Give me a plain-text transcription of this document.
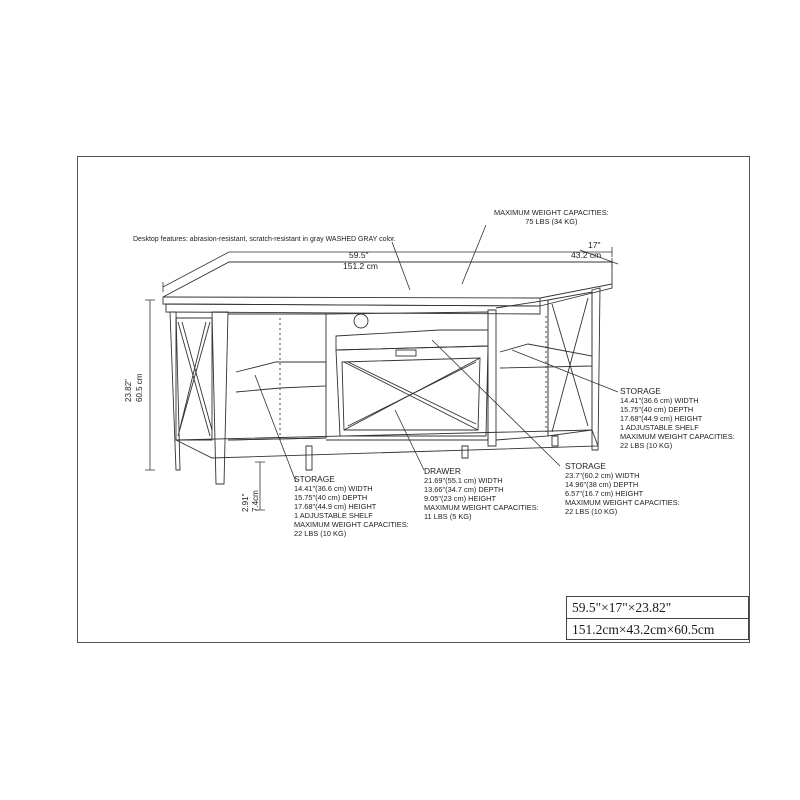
Desktop features: abrasion-resistant, scratch-resistant in gray WASHED GRAY color.
MAXIMUM WEIGHT CAPACITIES:
75 LBS (34 KG)
59.5"
151.2 cm
17"
43.2 cm
23.82" 60.5 cm
2.91" 7.4cm
STORAGE
14.41"(36.6 cm) WIDTH
15.75"(40 cm) DEPTH
17.68"(44.9 cm) HEIGHT
1 ADJUSTABLE SHELF
MAXIMUM WEIGHT CAPACITIES:
22 LBS (10 KG)
DRAWER
21.69"(55.1 cm) WIDTH
13.66"(34.7 cm) DEPTH
9.05"(23 cm) HEIGHT
MAXIMUM WEIGHT CAPACITIES:
11 LBS (5 KG)
STORAGE
23.7"(60.2 cm) WIDTH
14.96"(38 cm) DEPTH
6.57"(16.7 cm) HEIGHT
MAXIMUM WEIGHT CAPACITIES:
22 LBS (10 KG)
STORAGE
14.41"(36.6 cm) WIDTH
15.75"(40 cm) DEPTH
17.68"(44.9 cm) HEIGHT
1 ADJUSTABLE SHELF
MAXIMUM WEIGHT CAPACITIES:
22 LBS (10 KG)
59.5"×17"×23.82"
151.2cm×43.2cm×60.5cm
